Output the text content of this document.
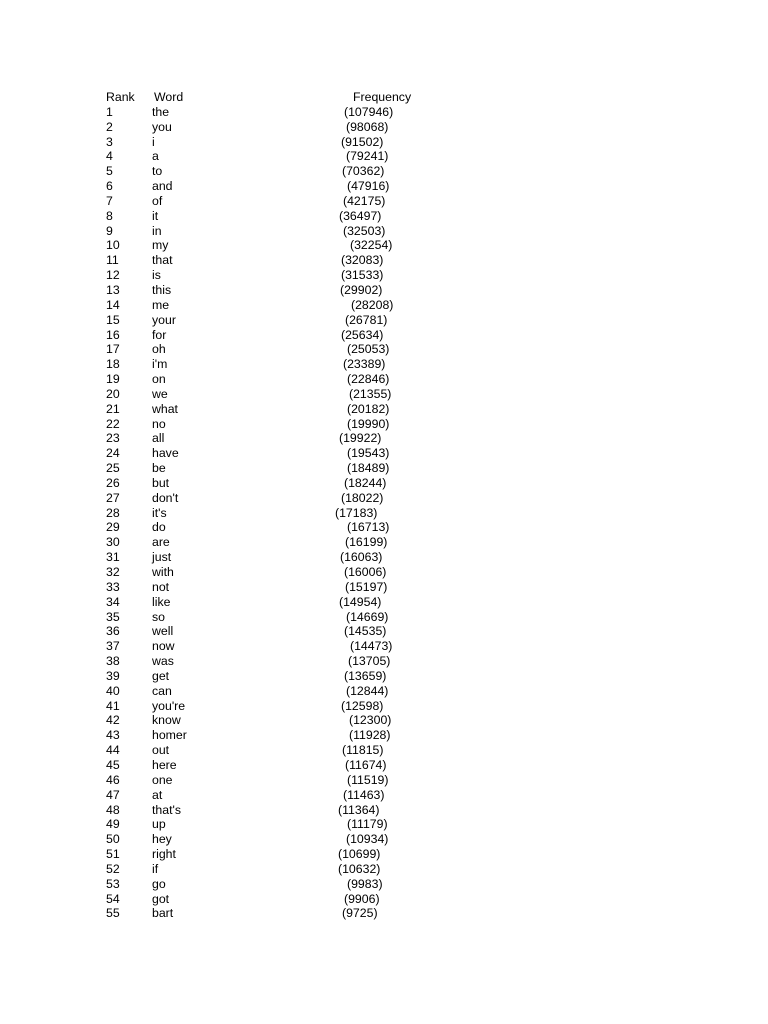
Rank Word	Frequency
1	the	(107946)
2	you	(98068)
3	i	(91502)
4	a	(79241)
5	to	(70362)
6	and	(47916)
7	of	(42175)
8	it	(36497)
9	in	(32503)
10	my	(32254)
11	that	(32083)
12	is	(31533)
13	this	(29902)
14	me	(28208)
15	your	(26781)
16	for	(25634)
17	oh	(25053)
18	i'm	(23389)
19	on	(22846)
20	we	(21355)
21	what	(20182)
22	no	(19990)
23	all	(19922)
24	have	(19543)
25	be	(18489)
26	but	(18244)
27	don't	(18022)
28	it's	(17183)
29	do	(16713)
30	are	(16199)
31	just	(16063)
32	with	(16006)
33	not	(15197)
34	like	(14954)
35	so	(14669)
36	well	(14535)
37	now	(14473)
38	was	(13705)
39	get	(13659)
40	can	(12844)
41	you're	(12598)
42	know	(12300)
43	homer	(11928)
44	out	(11815)
45	here	(11674)
46	one	(11519)
47	at	(11463)
48	that's	(11364)
49	up	(11179)
50	hey	(10934)
51	right	(10699)
52	if	(10632)
53	go	(9983)
54	got	(9906)
55	bart	(9725)
